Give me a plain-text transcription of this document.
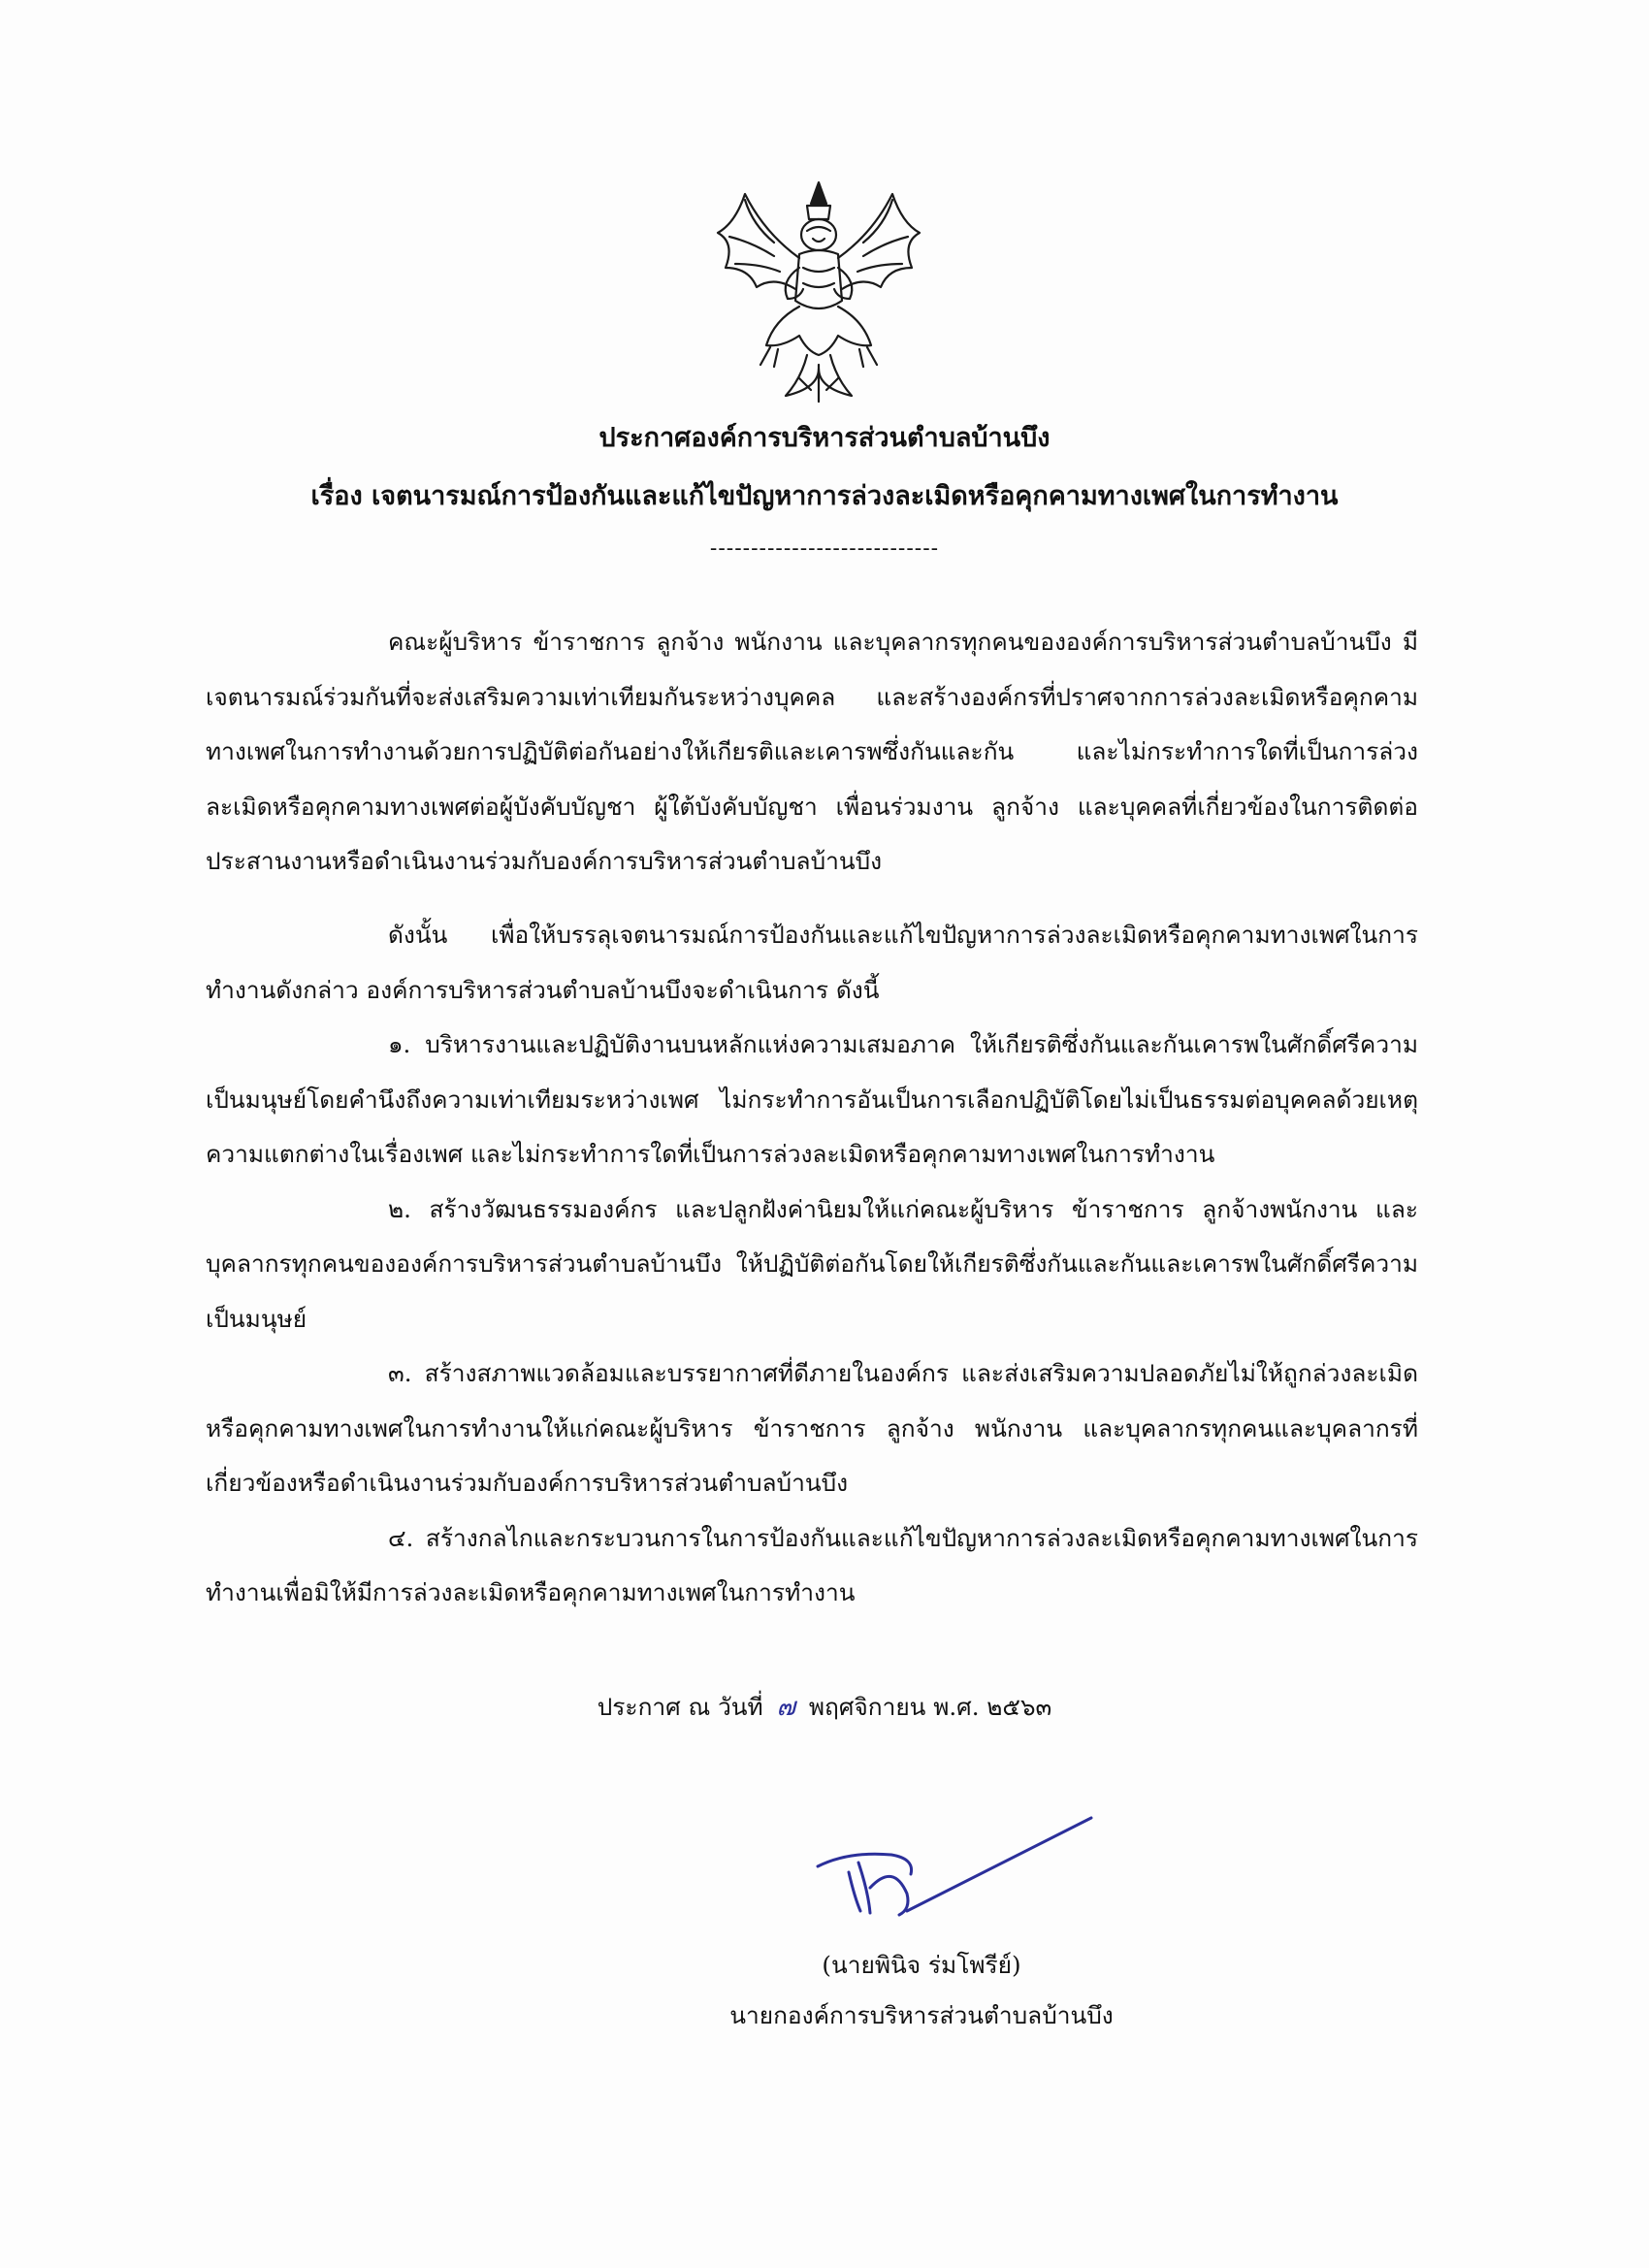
ประกาศองค์การบริหารส่วนตำบลบ้านบึง
เรื่อง เจตนารมณ์การป้องกันและแก้ไขปัญหาการล่วงละเมิดหรือคุกคามทางเพศในการทำงาน
----------------------------

คณะผู้บริหาร ข้าราชการ ลูกจ้าง พนักงาน และบุคลากรทุกคนขององค์การบริหารส่วนตำบลบ้านบึง มีเจตนารมณ์ร่วมกันที่จะส่งเสริมความเท่าเทียมกันระหว่างบุคคล และสร้างองค์กรที่ปราศจากการล่วงละเมิดหรือคุกคามทางเพศในการทำงานด้วยการปฏิบัติต่อกันอย่างให้เกียรติและเคารพซึ่งกันและกัน และไม่กระทำการใดที่เป็นการล่วงละเมิดหรือคุกคามทางเพศต่อผู้บังคับบัญชา ผู้ใต้บังคับบัญชา เพื่อนร่วมงาน ลูกจ้าง และบุคคลที่เกี่ยวข้องในการติดต่อประสานงานหรือดำเนินงานร่วมกับองค์การบริหารส่วนตำบลบ้านบึง

ดังนั้น เพื่อให้บรรลุเจตนารมณ์การป้องกันและแก้ไขปัญหาการล่วงละเมิดหรือคุกคามทางเพศในการทำงานดังกล่าว องค์การบริหารส่วนตำบลบ้านบึงจะดำเนินการ ดังนี้

๑. บริหารงานและปฏิบัติงานบนหลักแห่งความเสมอภาค ให้เกียรติซึ่งกันและกันเคารพในศักดิ์ศรีความเป็นมนุษย์โดยคำนึงถึงความเท่าเทียมระหว่างเพศ ไม่กระทำการอันเป็นการเลือกปฏิบัติโดยไม่เป็นธรรมต่อบุคคลด้วยเหตุความแตกต่างในเรื่องเพศ และไม่กระทำการใดที่เป็นการล่วงละเมิดหรือคุกคามทางเพศในการทำงาน

๒. สร้างวัฒนธรรมองค์กร และปลูกฝังค่านิยมให้แก่คณะผู้บริหาร ข้าราชการ ลูกจ้างพนักงาน และบุคลากรทุกคนขององค์การบริหารส่วนตำบลบ้านบึง ให้ปฏิบัติต่อกันโดยให้เกียรติซึ่งกันและกันและเคารพในศักดิ์ศรีความเป็นมนุษย์

๓. สร้างสภาพแวดล้อมและบรรยากาศที่ดีภายในองค์กร และส่งเสริมความปลอดภัยไม่ให้ถูกล่วงละเมิดหรือคุกคามทางเพศในการทำงานให้แก่คณะผู้บริหาร ข้าราชการ ลูกจ้าง พนักงาน และบุคลากรทุกคนและบุคลากรที่เกี่ยวข้องหรือดำเนินงานร่วมกับองค์การบริหารส่วนตำบลบ้านบึง

๔. สร้างกลไกและกระบวนการในการป้องกันและแก้ไขปัญหาการล่วงละเมิดหรือคุกคามทางเพศในการทำงานเพื่อมิให้มีการล่วงละเมิดหรือคุกคามทางเพศในการทำงาน

ประกาศ ณ วันที่ ๗ พฤศจิกายน พ.ศ. ๒๕๖๓
(นายพินิจ ร่มโพรีย์)
นายกองค์การบริหารส่วนตำบลบ้านบึง
